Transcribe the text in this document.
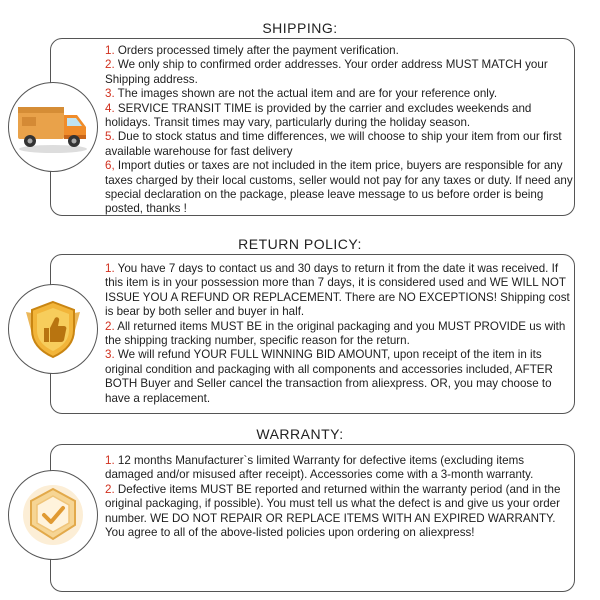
SHIPPING:

1. Orders processed timely after the payment verification.

2. We only ship to confirmed order addresses. Your order address MUST MATCH your Shipping address.

3. The images shown are not the actual item and are for your reference only.

4. SERVICE TRANSIT TIME is provided by the carrier and excludes weekends and holidays. Transit times may vary, particularly during the holiday season.

5. Due to stock status and time differences, we will choose to ship your item from our first available warehouse for fast delivery

6, Import duties or taxes are not included in the item price, buyers are responsible for any taxes charged by their local customs, seller would not pay for any taxes or duty. If need any special declaration on the package, please leave message to us before order is being posted, thanks !

RETURN POLICY:

1. You have 7 days to contact us and 30 days to return it from the date it was received. If this item is in your possession more than 7 days, it is considered used and WE WILL NOT ISSUE YOU A REFUND OR REPLACEMENT. There are NO EXCEPTIONS! Shipping cost is bear by both seller and buyer in half.

2. All returned items MUST BE in the original packaging and you MUST PROVIDE us with the shipping tracking number, specific reason for the return.

3. We will refund YOUR FULL WINNING BID AMOUNT, upon receipt of the item in its original condition and packaging with all components and accessories included, AFTER BOTH Buyer and Seller cancel the transaction from aliexpress. OR, you may choose to have a replacement.

WARRANTY:

1. 12 months Manufacturer`s limited Warranty for defective items (excluding items damaged and/or misused after receipt). Accessories come with a 3-month warranty.

2. Defective items MUST BE reported and returned within the warranty period (and in the original packaging, if possible). You must tell us what the defect is and give us your order number. WE DO NOT REPAIR OR REPLACE ITEMS WITH AN EXPIRED WARRANTY.

You agree to all of the above-listed policies upon ordering on aliexpress!
